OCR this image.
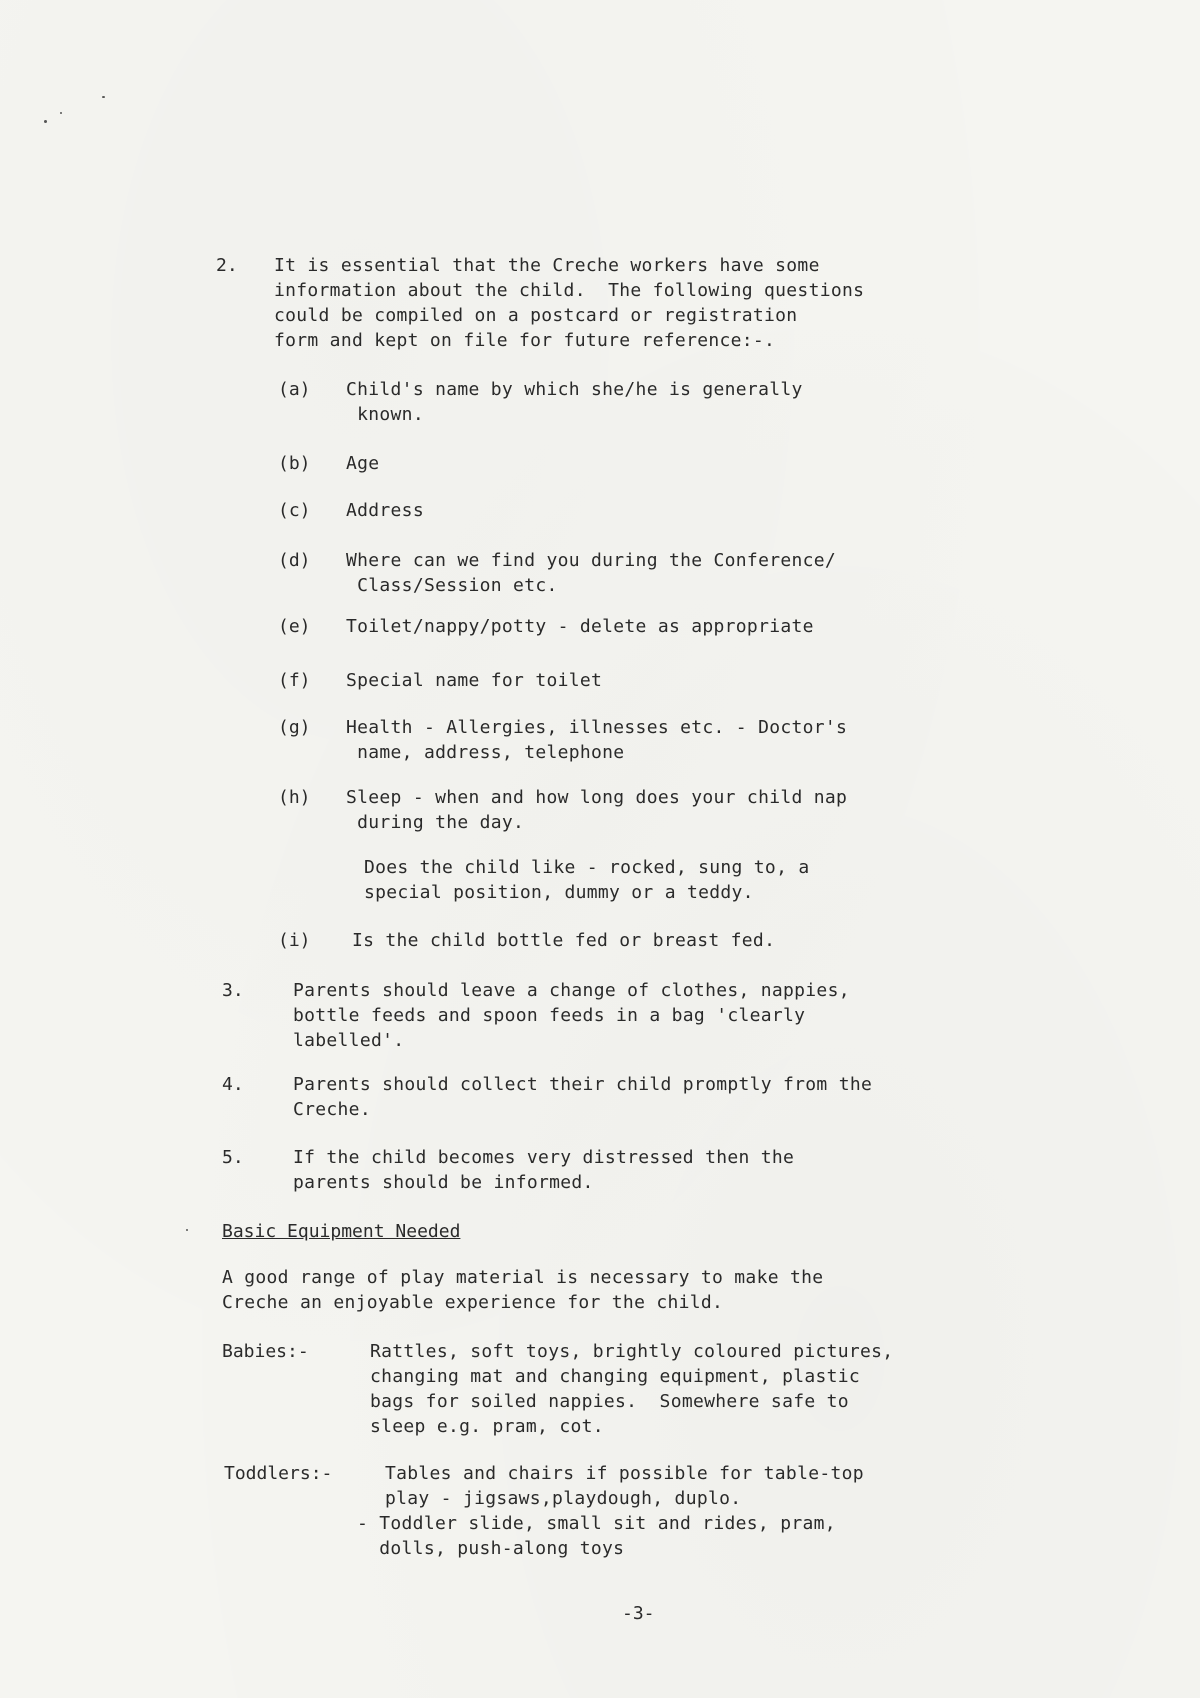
2. It is essential that the Creche workers have some
information about the child.  The following questions
could be compiled on a postcard or registration
form and kept on file for future reference:-.
(a) Child's name by which she/he is generally
known.
(b) Age
(c) Address
(d) Where can we find you during the Conference/
Class/Session etc.
(e) Toilet/nappy/potty - delete as appropriate
(f) Special name for toilet
(g) Health - Allergies, illnesses etc. - Doctor's
name, address, telephone
(h) Sleep - when and how long does your child nap
during the day.
Does the child like - rocked, sung to, a
special position, dummy or a teddy.
(i) Is the child bottle fed or breast fed.
3.	Parents should leave a change of clothes, nappies,
bottle feeds and spoon feeds in a bag 'clearly
labelled'.
4.	Parents should collect their child promptly from the
Creche.
5.	If the child becomes very distressed then the
parents should be informed.
Basic Equipment Needed
A good range of play material is necessary to make the
Creche an enjoyable experience for the child.
Babies:-	Rattles, soft toys, brightly coloured pictures,
changing mat and changing equipment, plastic
bags for soiled nappies.  Somewhere safe to
sleep e.g. pram, cot.
Toddlers:-	Tables and chairs if possible for table-top
play - jigsaws,playdough, duplo.
- Toddler slide, small sit and rides, pram,
dolls, push-along toys
-3-
